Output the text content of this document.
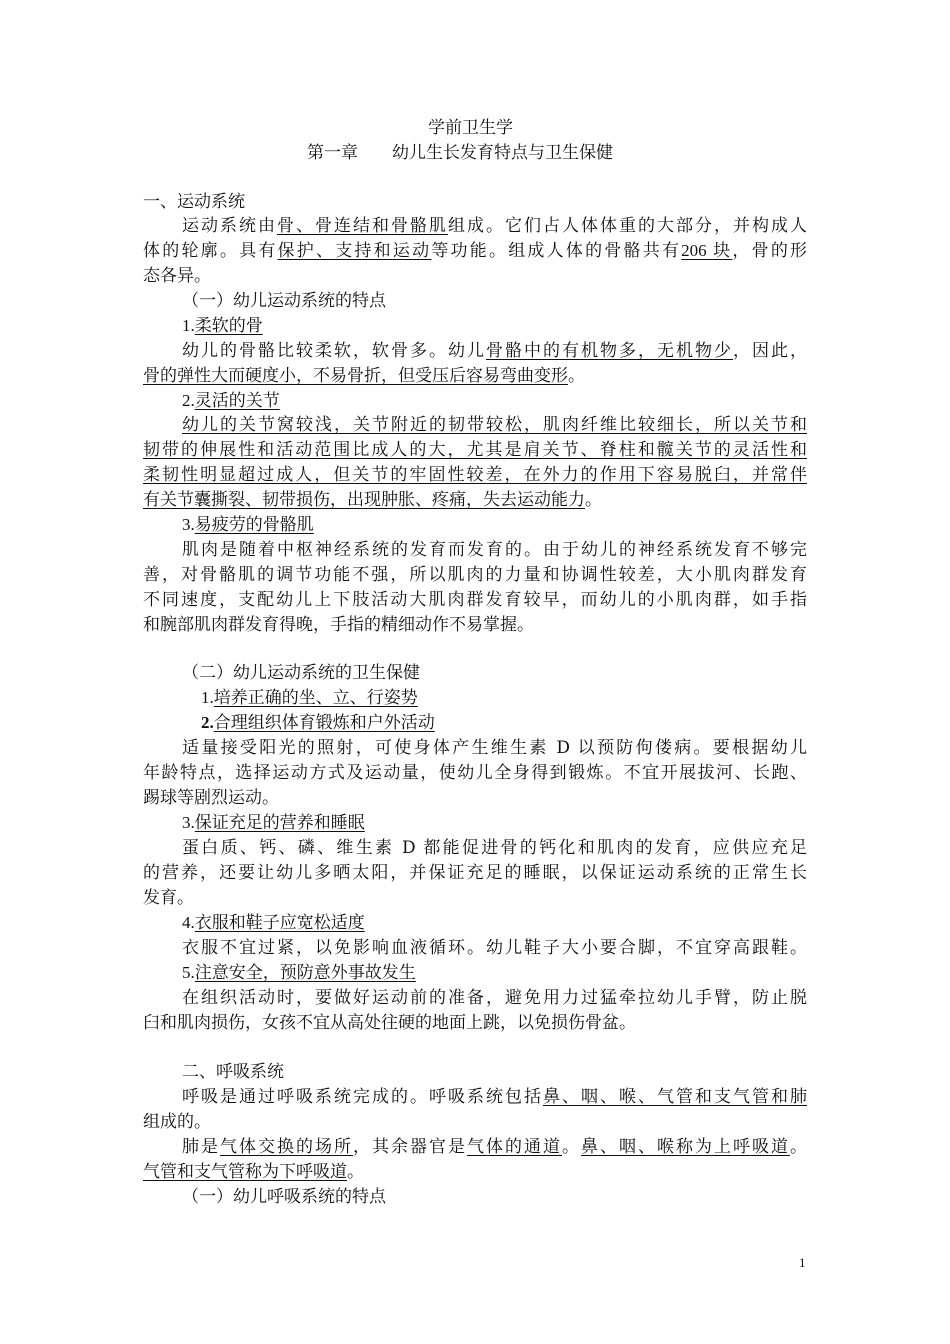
学前卫生学
第一章 幼儿生长发育特点与卫生保健
一、运动系统
运动系统由骨、骨连结和骨骼肌组成。它们占人体体重的大部分，并构成人
体的轮廓。具有保护、支持和运动等功能。组成人体的骨骼共有206 块，骨的形
态各异。
（一）幼儿运动系统的特点
1.柔软的骨
幼儿的骨骼比较柔软，软骨多。幼儿骨骼中的有机物多，无机物少，因此，
骨的弹性大而硬度小，不易骨折，但受压后容易弯曲变形。
2.灵活的关节
幼儿的关节窝较浅，关节附近的韧带较松，肌肉纤维比较细长，所以关节和
韧带的伸展性和活动范围比成人的大，尤其是肩关节、脊柱和髋关节的灵活性和
柔韧性明显超过成人，但关节的牢固性较差，在外力的作用下容易脱臼，并常伴
有关节囊撕裂、韧带损伤，出现肿胀、疼痛，失去运动能力。
3.易疲劳的骨骼肌
肌肉是随着中枢神经系统的发育而发育的。由于幼儿的神经系统发育不够完
善，对骨骼肌的调节功能不强，所以肌肉的力量和协调性较差，大小肌肉群发育
不同速度，支配幼儿上下肢活动大肌肉群发育较早，而幼儿的小肌肉群，如手指
和腕部肌肉群发育得晚，手指的精细动作不易掌握。
（二）幼儿运动系统的卫生保健
1.培养正确的坐、立、行姿势
2.合理组织体育锻炼和户外活动
适量接受阳光的照射，可使身体产生维生素 D 以预防佝偻病。要根据幼儿
年龄特点，选择运动方式及运动量，使幼儿全身得到锻炼。不宜开展拔河、长跑、
踢球等剧烈运动。
3.保证充足的营养和睡眠
蛋白质、钙、磷、维生素 D 都能促进骨的钙化和肌肉的发育，应供应充足
的营养，还要让幼儿多晒太阳，并保证充足的睡眠，以保证运动系统的正常生长
发育。
4.衣服和鞋子应宽松适度
衣服不宜过紧，以免影响血液循环。幼儿鞋子大小要合脚，不宜穿高跟鞋。
5.注意安全，预防意外事故发生
在组织活动时，要做好运动前的准备，避免用力过猛牵拉幼儿手臂，防止脱
臼和肌肉损伤，女孩不宜从高处往硬的地面上跳，以免损伤骨盆。
二、呼吸系统
呼吸是通过呼吸系统完成的。呼吸系统包括鼻、咽、喉、气管和支气管和肺
组成的。
肺是气体交换的场所，其余器官是气体的通道。鼻、咽、喉称为上呼吸道。
气管和支气管称为下呼吸道。
（一）幼儿呼吸系统的特点
1
